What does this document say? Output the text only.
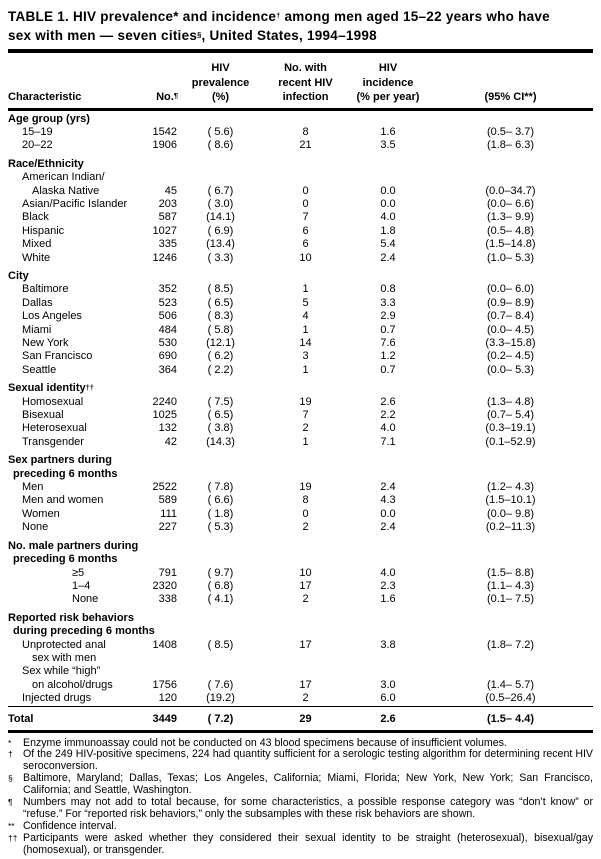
TABLE 1. HIV prevalence* and incidence† among men aged 15–22 years who have sex with men — seven cities§, United States, 1994–1998
Characteristic	No.¶

HIV
prevalence
(%)

No. with
recent HIV
infection

HIV
incidence
(% per year)	(95% CI**)

Age group (yrs)					
15–19	1542	( 5.6)	8	1.6	(0.5– 3.7)
20–22	1906	( 8.6)	21	3.5	(1.8– 6.3)
Race/Ethnicity					
American Indian/					
Alaska Native	45	( 6.7)	0	0.0	(0.0–34.7)
Asian/Pacific Islander	203	( 3.0)	0	0.0	(0.0– 6.6)
Black	587	(14.1)	7	4.0	(1.3– 9.9)
Hispanic	1027	( 6.9)	6	1.8	(0.5– 4.8)
Mixed	335	(13.4)	6	5.4	(1.5–14.8)
White	1246	( 3.3)	10	2.4	(1.0– 5.3)
City					
Baltimore	352	( 8.5)	1	0.8	(0.0– 6.0)
Dallas	523	( 6.5)	5	3.3	(0.9– 8.9)
Los Angeles	506	( 8.3)	4	2.9	(0.7– 8.4)
Miami	484	( 5.8)	1	0.7	(0.0– 4.5)
New York	530	(12.1)	14	7.6	(3.3–15.8)
San Francisco	690	( 6.2)	3	1.2	(0.2– 4.5)
Seattle	364	( 2.2)	1	0.7	(0.0– 5.3)
Sexual identity††
Homosexual	2240	( 7.5)	19	2.6	(1.3– 4.8)
Bisexual	1025	( 6.5)	7	2.2	(0.7– 5.4)
Heterosexual	132	( 3.8)	2	4.0	(0.3–19.1)
Transgender	42	(14.3)	1	7.1	(0.1–52.9)
Sex partners during					
preceding 6 months					
Men	2522	( 7.8)	19	2.4	(1.2– 4.3)
Men and women	589	( 6.6)	8	4.3	(1.5–10.1)
Women	111	( 1.8)	0	0.0	(0.0– 9.8)
None	227	( 5.3)	2	2.4	(0.2–11.3)
No. male partners during					
preceding 6 months					
≥5	791	( 9.7)	10	4.0	(1.5– 8.8)
1–4	2320	( 6.8)	17	2.3	(1.1– 4.3)
None	338	( 4.1)	2	1.6	(0.1– 7.5)
Reported risk behaviors					
during preceding 6 months					
Unprotected anal	1408	( 8.5)	17	3.8	(1.8– 7.2)
sex with men					
Sex while “high”					
on alcohol/drugs	1756	( 7.6)	17	3.0	(1.4– 5.7)
Injected drugs	120	(19.2)	2	6.0	(0.5–26.4)
Total	3449	( 7.2)	29	2.6	(1.5– 4.4)
*	Enzyme immunoassay could not be conducted on 43 blood specimens because of insufficient volumes.
† Of the 249 HIV-positive specimens, 224 had quantity sufficient for a serologic testing algorithm for determining recent HIV seroconversion.
§ Baltimore, Maryland; Dallas, Texas; Los Angeles, California; Miami, Florida; New York, New York; San Francisco, California; and Seattle, Washington.
¶ Numbers may not add to total because, for some characteristics, a possible response category was “don’t know” or “refuse.” For “reported risk behaviors,” only the subsamples with these risk behaviors are shown.
** Confidence interval.
†† Participants were asked whether they considered their sexual identity to be straight (heterosexual), bisexual/gay (homosexual), or transgender.
